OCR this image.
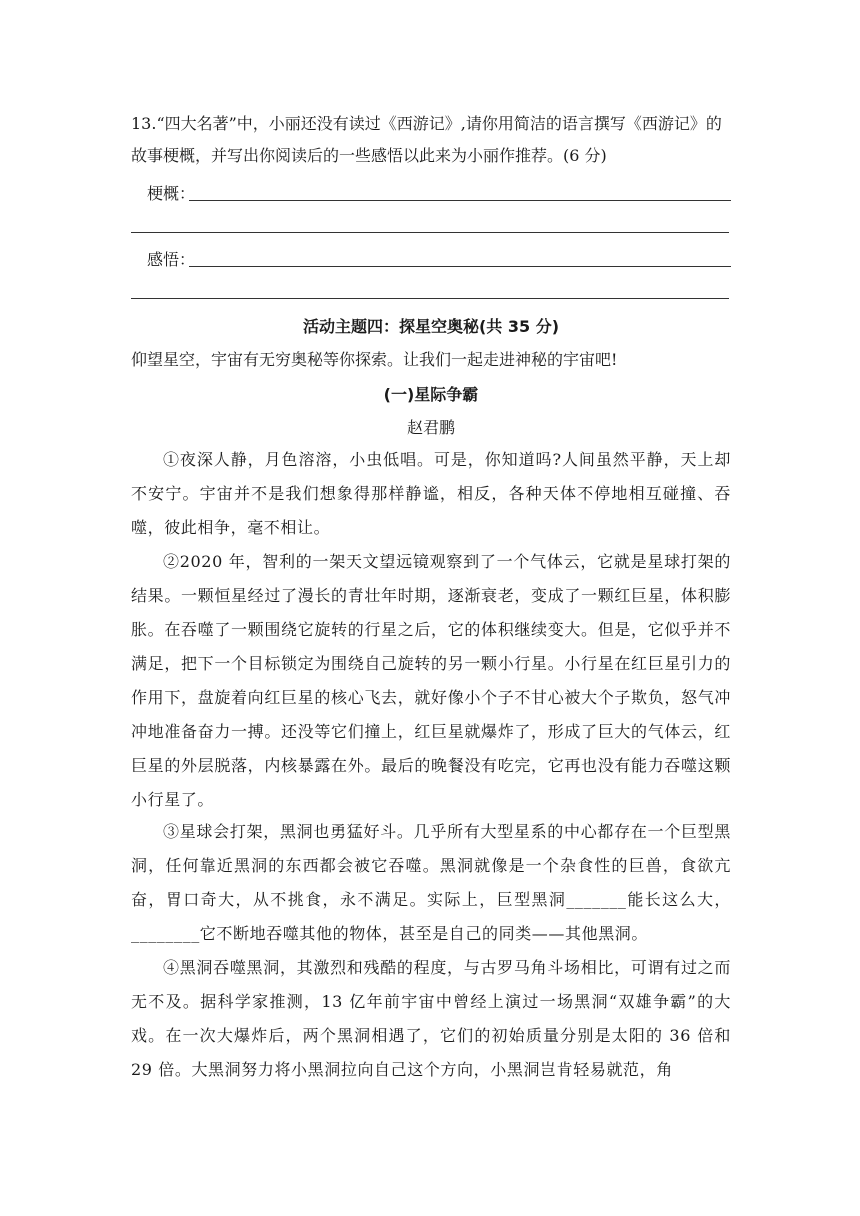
13.“四大名著”中，小丽还没有读过《西游记》,请你用简洁的语言撰写《西游记》的故事梗概，并写出你阅读后的一些感悟以此来为小丽作推荐。(6 分)

梗概：
感悟：
活动主题四：探星空奥秘(共 35 分)
仰望星空，宇宙有无穷奥秘等你探索。让我们一起走进神秘的宇宙吧!
(一)星际争霸
赵君鹏
①夜深人静，月色溶溶，小虫低唱。可是，你知道吗?人间虽然平静，天上却不安宁。宇宙并不是我们想象得那样静谧，相反，各种天体不停地相互碰撞、吞噬，彼此相争，毫不相让。
②2020 年，智利的一架天文望远镜观察到了一个气体云，它就是星球打架的结果。一颗恒星经过了漫长的青壮年时期，逐渐衰老，变成了一颗红巨星，体积膨胀。在吞噬了一颗围绕它旋转的行星之后，它的体积继续变大。但是，它似乎并不满足，把下一个目标锁定为围绕自己旋转的另一颗小行星。小行星在红巨星引力的作用下，盘旋着向红巨星的核心飞去，就好像小个子不甘心被大个子欺负，怒气冲冲地准备奋力一搏。还没等它们撞上，红巨星就爆炸了，形成了巨大的气体云，红巨星的外层脱落，内核暴露在外。最后的晚餐没有吃完，它再也没有能力吞噬这颗小行星了。
③星球会打架，黑洞也勇猛好斗。几乎所有大型星系的中心都存在一个巨型黑洞，任何靠近黑洞的东西都会被它吞噬。黑洞就像是一个杂食性的巨兽，食欲亢奋，胃口奇大，从不挑食，永不满足。实际上，巨型黑洞_______能长这么大，________它不断地吞噬其他的物体，甚至是自己的同类——其他黑洞。
④黑洞吞噬黑洞，其激烈和残酷的程度，与古罗马角斗场相比，可谓有过之而无不及。据科学家推测，13 亿年前宇宙中曾经上演过一场黑洞“双雄争霸”的大戏。在一次大爆炸后，两个黑洞相遇了，它们的初始质量分别是太阳的 36 倍和 29 倍。大黑洞努力将小黑洞拉向自己这个方向，小黑洞岂肯轻易就范，角
